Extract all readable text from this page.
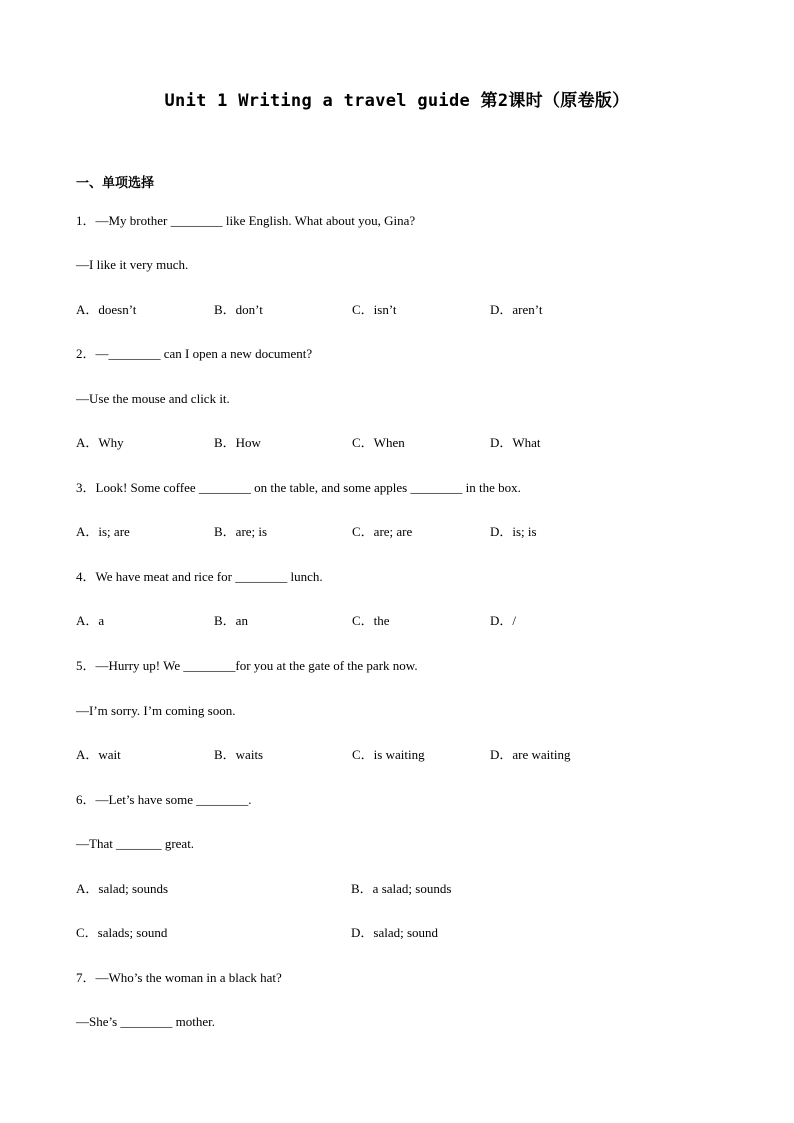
Unit 1 Writing a travel guide 第2课时（原卷版）
一、单项选择
1．—My brother ________ like English. What about you, Gina?
—I like it very much.
A．doesn’t	B．don’t	C．isn’t	D．aren’t
2．—________ can I open a new document?
—Use the mouse and click it.
A．Why	B．How	C．When	D．What
3．Look! Some coffee ________ on the table, and some apples ________ in the box.
A．is; are	B．are; is	C．are; are	D．is; is
4．We have meat and rice for ________ lunch.
A．a	B．an	C．the	D．/
5．—Hurry up! We ________for you at the gate of the park now.
—I’m sorry. I’m coming soon.
A．wait	B．waits	C．is waiting	D．are waiting
6．—Let’s have some ________.
—That _______ great.
A．salad; sounds	B．a salad; sounds
C．salads; sound	D．salad; sound
7．—Who’s the woman in a black hat?
—She’s ________ mother.
